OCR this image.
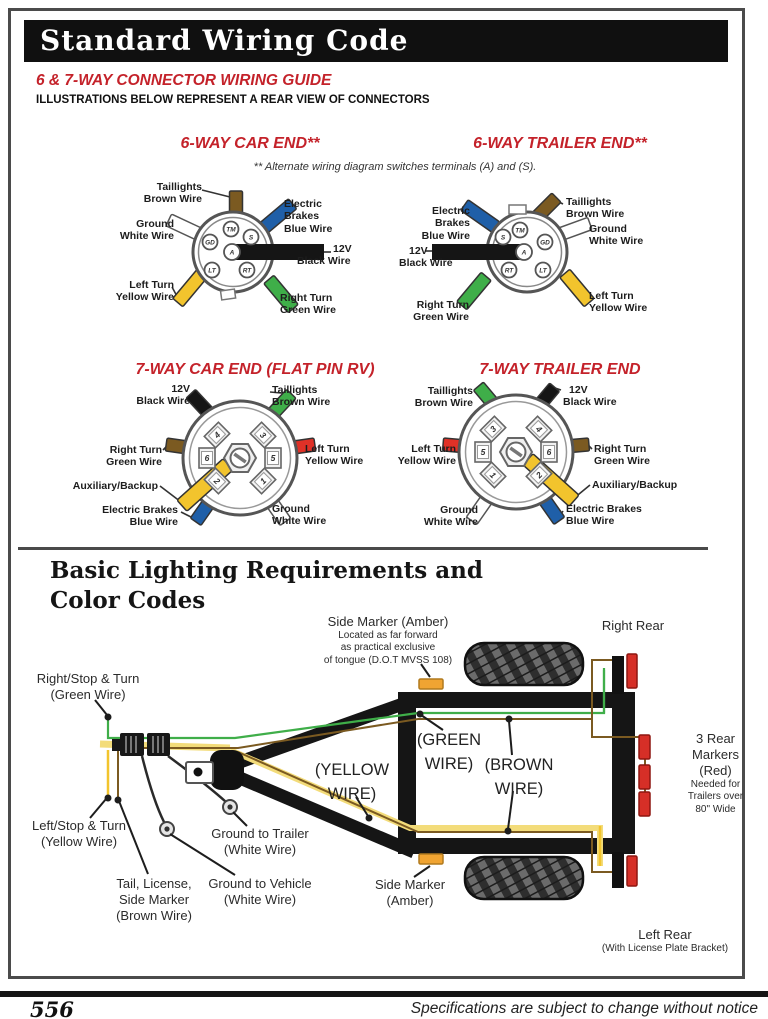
TM
S
GD
A
LT	RT
TM
GD
S
A
LT
RT
4	3
6	5
2	1
3	4
5	6
1	2
Standard Wiring Code
6 & 7-WAY CONNECTOR WIRING GUIDE
ILLUSTRATIONS BELOW REPRESENT A REAR VIEW OF CONNECTORS
6-WAY CAR END**	6-WAY TRAILER END**
** Alternate wiring diagram switches terminals (A) and (S).
7-WAY CAR END (FLAT PIN RV)	7-WAY TRAILER END
Taillights
Brown Wire	Electric
Brakes
Blue Wire
12V
Black Wire
Right Turn
Green Wire
Left Turn
Yellow Wire
Ground
White Wire
Electric
Brakes
Blue Wire
Taillights
Brown Wire
Ground
White Wire
12V
Black Wire
Right Turn
Green Wire
Left Turn
Yellow Wire
12V
Black Wire
Taillights
Brown Wire
Right Turn
Green Wire
Left Turn
Yellow Wire
Auxiliary/Backup
Electric Brakes
Blue Wire
Ground
White Wire
Taillights
Brown Wire
12V
Black Wire
Left Turn
Yellow Wire
Right Turn
Green Wire
Auxiliary/Backup
Ground
White Wire
Electric Brakes
Blue Wire
Basic Lighting Requirements and
Color Codes
Side Marker (Amber)
Located as far forward
as practical exclusive
of tongue (D.O.T MVSS 108)
Right Rear
Right/Stop & Turn
(Green Wire)
Left/Stop & Turn
(Yellow Wire)
Tail, License,
Side Marker
(Brown Wire)
Ground to Trailer
(White Wire)
Ground to Vehicle
(White Wire)
(YELLOW
WIRE)
(GREEN
WIRE) (BROWN
WIRE)
3 Rear
Markers
(Red)
Needed for
Trailers over
80" Wide
Side Marker
(Amber)
Left Rear
(With License Plate Bracket)
556	Specifications are subject to change without notice
